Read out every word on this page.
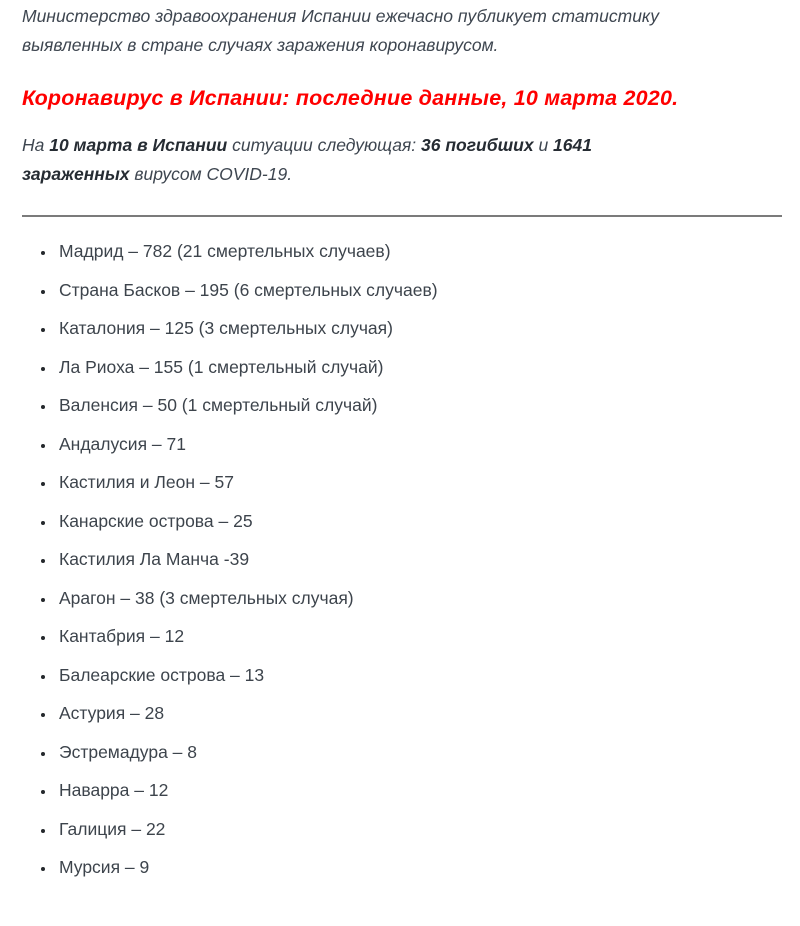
Министерство здравоохранения Испании ежечасно публикует статистику выявленных в стране случаях заражения коронавирусом.

Коронавирус в Испании: последние данные, 10 марта 2020.

На 10 марта в Испании ситуации следующая: 36 погибших и 1641 зараженных вирусом COVID-19.

• Мадрид – 782 (21 смертельных случаев)
• Страна Басков – 195 (6 смертельных случаев)
• Каталония – 125 (3 смертельных случая)
• Ла Риоха – 155 (1 смертельный случай)
• Валенсия – 50 (1 смертельный случай)
• Андалусия – 71
• Кастилия и Леон – 57
• Канарские острова – 25
• Кастилия Ла Манча -39
• Арагон – 38 (3 смертельных случая)
• Кантабрия – 12
• Балеарские острова – 13
• Астурия – 28
• Эстремадура – 8
• Наварра – 12
• Галиция – 22
• Мурсия – 9
